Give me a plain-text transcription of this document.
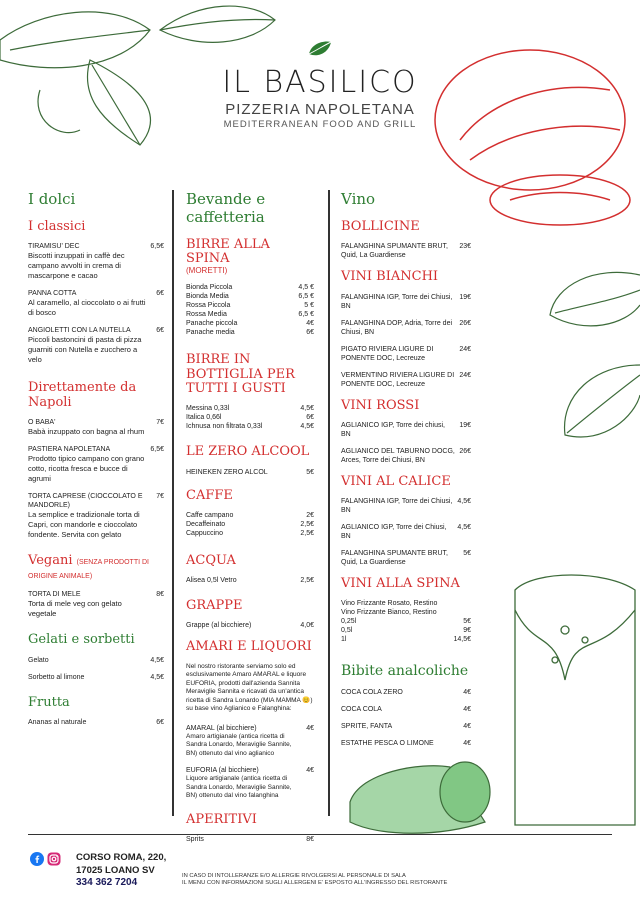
IL BASILICO
PIZZERIA NAPOLETANA
MEDITERRANEAN FOOD AND GRILL
I dolci
I classici
TIRAMISU' DEC
Biscotti inzuppati in caffè dec campano avvolti in crema di mascarpone e cacao
6,5€
PANNA COTTA
Al caramello, al cioccolato o ai frutti di bosco
6€
ANGIOLETTI CON LA NUTELLA
Piccoli bastoncini di pasta di pizza guarniti con Nutella e zucchero a velo
6€
Direttamente da Napoli
O BABA'
Babà inzuppato con bagna al rhum
7€
PASTIERA NAPOLETANA
Prodotto tipico campano con grano cotto, ricotta fresca e bucce di agrumi
6,5€
TORTA CAPRESE (CIOCCOLATO E MANDORLE)
La semplice e tradizionale torta di Capri, con mandorle e cioccolato fondente. Servita con gelato
7€
Vegani (SENZA PRODOTTI DI ORIGINE ANIMALE)
TORTA DI MELE
Torta di mele veg con gelato vegetale
8€
Gelati e sorbetti
Gelato	4,5€
Sorbetto al limone	4,5€
Frutta
Ananas al naturale	6€
Bevande e caffetteria
BIRRE ALLA SPINA
(MORETTI)
Bionda Piccola	4,5 €
Bionda Media	6,5 €
Rossa Piccola	5 €
Rossa Media	6,5 €
Panache piccola	4€
Panache media	6€
BIRRE IN BOTTIGLIA PER TUTTI I GUSTI
Messina 0,33l	4,5€
Italica 0,66l	6€
Ichnusa non filtrata 0,33l	4,5€
LE ZERO ALCOOL
HEINEKEN ZERO ALCOL	5€
CAFFE
Caffe campano	2€
Decaffeinato	2,5€
Cappuccino	2,5€
ACQUA
Alisea 0,5l Vetro	2,5€
GRAPPE
Grappe (al bicchiere)	4,0€
AMARI E LIQUORI
Nel nostro ristorante serviamo solo ed esclusivamente Amaro AMARAL e liquore EUFORIA, prodotti dall'azienda Sannita Meraviglie Sannita e ricavati da un'antica ricetta di Sandra Lonardo (MIA MAMMA 😊) su base vino Aglianico e Falanghina:
AMARAL (al bicchiere)
Amaro artigianale (antica ricetta di Sandra Lonardo, Meraviglie Sannite, BN) ottenuto dal vino aglianico
4€
EUFORIA (al bicchiere)
Liquore artigianale (antica ricetta di Sandra Lonardo, Meraviglie Sannite, BN) ottenuto dal vino falanghina
4€
APERITIVI
Sprits	8€
Vino
BOLLICINE
FALANGHINA SPUMANTE BRUT, Quid, La Guardiense
23€
VINI BIANCHI
FALANGHINA IGP, Torre dei Chiusi, BN
19€
FALANGHINA DOP, Adria, Torre dei Chiusi, BN
26€
PIGATO RIVIERA LIGURE DI PONENTE DOC, Lecreuze
24€
VERMENTINO RIVIERA LIGURE DI PONENTE DOC, Lecreuze
24€
VINI ROSSI
AGLIANICO IGP, Torre dei chiusi, BN
19€
AGLIANICO DEL TABURNO DOCG, Arces, Torre dei Chiusi, BN
26€
VINI AL CALICE
FALANGHINA IGP, Torre dei Chiusi, BN
4,5€
AGLIANICO IGP, Torre dei Chiusi, BN
4,5€
FALANGHINA SPUMANTE BRUT, Quid, La Guardiense
5€
VINI ALLA SPINA
Vino Frizzante Rosato, Restino
Vino Frizzante Bianco, Restino
0,25l	5€
0,5l	9€
1l	14,5€
Bibite analcoliche
COCA COLA ZERO	4€
COCA COLA	4€
SPRITE, FANTA	4€
ESTATHE PESCA O LIMONE	4€
CORSO ROMA, 220,
17025 LOANO SV
334 362 7204
IN CASO DI INTOLLERANZE E/O ALLERGIE RIVOLGERSI AL PERSONALE DI SALA
IL MENU CON INFORMAZIONI SUGLI ALLERGENI E' ESPOSTO ALL'INGRESSO DEL RISTORANTE
